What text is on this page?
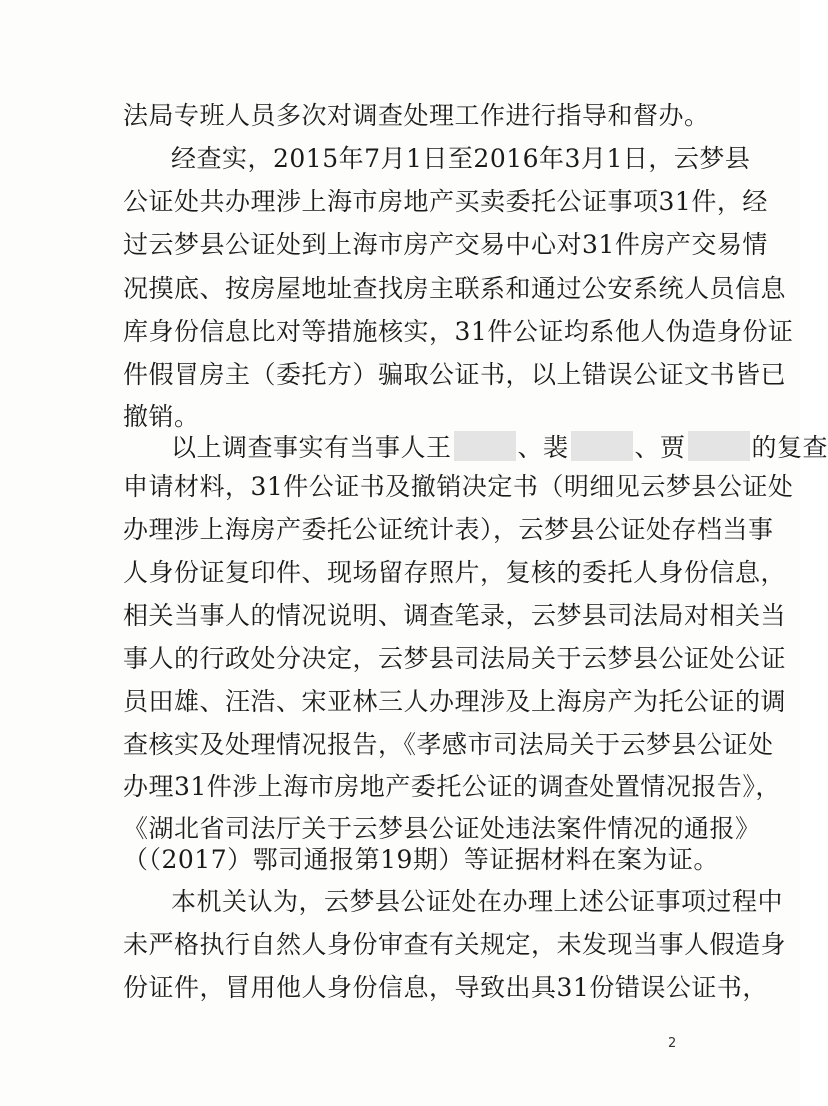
法局专班人员多次对调查处理工作进行指导和督办。
经查实，2015年7月1日至2016年3月1日，云梦县
公证处共办理涉上海市房地产买卖委托公证事项31件，经
过云梦县公证处到上海市房产交易中心对31件房产交易情
况摸底、按房屋地址查找房主联系和通过公安系统人员信息
库身份信息比对等措施核实，31件公证均系他人伪造身份证
件假冒房主（委托方）骗取公证书，以上错误公证文书皆已
撤销。
以上调查事实有当事人王	、裴	、贾	的复查
申请材料，31件公证书及撤销决定书（明细见云梦县公证处
办理涉上海房产委托公证统计表），云梦县公证处存档当事
人身份证复印件、现场留存照片，复核的委托人身份信息，
相关当事人的情况说明、调查笔录，云梦县司法局对相关当
事人的行政处分决定，云梦县司法局关于云梦县公证处公证
员田雄、汪浩、宋亚林三人办理涉及上海房产为托公证的调
查核实及处理情况报告，《孝感市司法局关于云梦县公证处
办理31件涉上海市房地产委托公证的调查处置情况报告》，
《湖北省司法厅关于云梦县公证处违法案件情况的通报》
（（2017）鄂司通报第19期）等证据材料在案为证。
本机关认为，云梦县公证处在办理上述公证事项过程中
未严格执行自然人身份审查有关规定，未发现当事人假造身
份证件，冒用他人身份信息，导致出具31份错误公证书，
2
